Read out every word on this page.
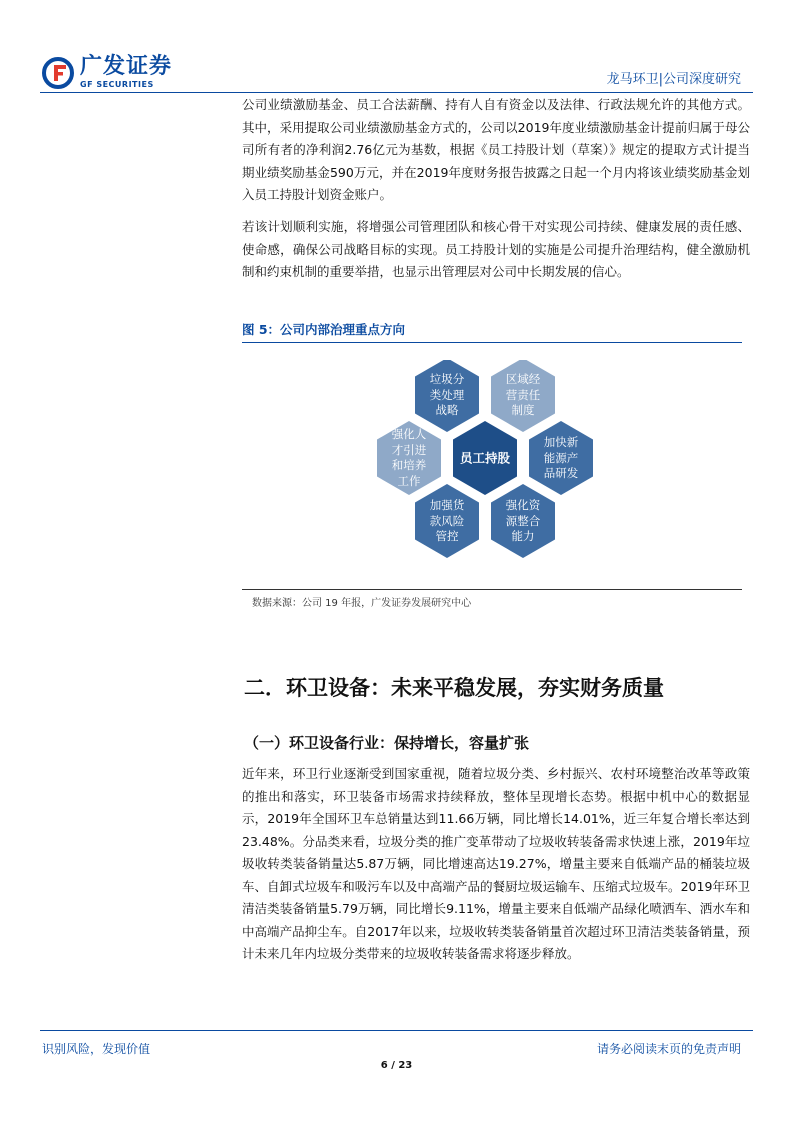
广发证券
GF SECURITIES	龙马环卫|公司深度研究
公司业绩激励基金、员工合法薪酬、持有人自有资金以及法律、行政法规允许的其他方式。其中，采用提取公司业绩激励基金方式的，公司以2019年度业绩激励基金计提前归属于母公司所有者的净利润2.76亿元为基数，根据《员工持股计划（草案）》规定的提取方式计提当期业绩奖励基金590万元，并在2019年度财务报告披露之日起一个月内将该业绩奖励基金划入员工持股计划资金账户。
若该计划顺利实施，将增强公司管理团队和核心骨干对实现公司持续、健康发展的责任感、使命感，确保公司战略目标的实现。员工持股计划的实施是公司提升治理结构，健全激励机制和约束机制的重要举措，也显示出管理层对公司中长期发展的信心。
图 5：公司内部治理重点方向
垃圾分
类处理
战略
区域经
营责任
制度
强化人
才引进
和培养
工作
员工持股
加快新
能源产
品研发
加强货
款风险
管控
强化资
源整合
能力
数据来源：公司 19 年报，广发证券发展研究中心
二．环卫设备：未来平稳发展，夯实财务质量
（一）环卫设备行业：保持增长，容量扩张
近年来，环卫行业逐渐受到国家重视，随着垃圾分类、乡村振兴、农村环境整治改革等政策的推出和落实，环卫装备市场需求持续释放，整体呈现增长态势。根据中机中心的数据显示，2019年全国环卫车总销量达到11.66万辆，同比增长14.01%，近三年复合增长率达到23.48%。分品类来看，垃圾分类的推广变革带动了垃圾收转装备需求快速上涨，2019年垃圾收转类装备销量达5.87万辆，同比增速高达19.27%，增量主要来自低端产品的桶装垃圾车、自卸式垃圾车和吸污车以及中高端产品的餐厨垃圾运输车、压缩式垃圾车。2019年环卫清洁类装备销量5.79万辆，同比增长9.11%，增量主要来自低端产品绿化喷洒车、洒水车和中高端产品抑尘车。自2017年以来，垃圾收转类装备销量首次超过环卫清洁类装备销量，预计未来几年内垃圾分类带来的垃圾收转装备需求将逐步释放。
识别风险，发现价值	请务必阅读末页的免责声明
6 / 23
